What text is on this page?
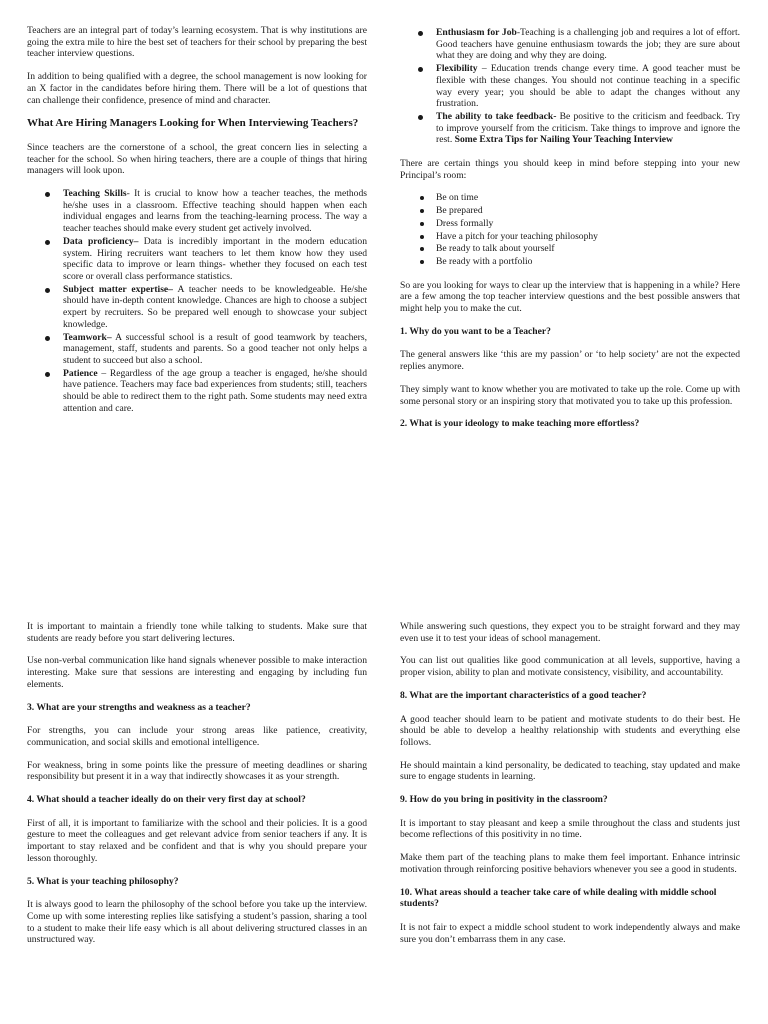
Teachers are an integral part of today’s learning ecosystem. That is why institutions are going the extra mile to hire the best set of teachers for their school by preparing the best teacher interview questions.

In addition to being qualified with a degree, the school management is now looking for an X factor in the candidates before hiring them. There will be a lot of questions that can challenge their confidence, presence of mind and character.

What Are Hiring Managers Looking for When Interviewing Teachers?

Since teachers are the cornerstone of a school, the great concern lies in selecting a teacher for the school. So when hiring teachers, there are a couple of things that hiring managers will look upon.

Teaching Skills- It is crucial to know how a teacher teaches, the methods he/she uses in a classroom. Effective teaching should happen when each individual engages and learns from the teaching-learning process. The way a teacher teaches should make every student get actively involved.
Data proficiency– Data is incredibly important in the modern education system. Hiring recruiters want teachers to let them know how they used specific data to improve or learn things- whether they focused on each test score or overall class performance statistics.
Subject matter expertise– A teacher needs to be knowledgeable. He/she should have in-depth content knowledge. Chances are high to choose a subject expert by recruiters. So be prepared well enough to showcase your subject knowledge.
Teamwork– A successful school is a result of good teamwork by teachers, management, staff, students and parents. So a good teacher not only helps a student to succeed but also a school.
Patience – Regardless of the age group a teacher is engaged, he/she should have patience. Teachers may face bad experiences from students; still, teachers should be able to redirect them to the right path. Some students may need extra attention and care.
Enthusiasm for Job-Teaching is a challenging job and requires a lot of effort. Good teachers have genuine enthusiasm towards the job; they are sure about what they are doing and why they are doing.
Flexibility – Education trends change every time. A good teacher must be flexible with these changes. You should not continue teaching in a specific way every year; you should be able to adapt the changes without any frustration.
The ability to take feedback- Be positive to the criticism and feedback. Try to improve yourself from the criticism. Take things to improve and ignore the rest. Some Extra Tips for Nailing Your Teaching Interview

There are certain things you should keep in mind before stepping into your new Principal’s room:

Be on time
Be prepared
Dress formally
Have a pitch for your teaching philosophy
Be ready to talk about yourself
Be ready with a portfolio

So are you looking for ways to clear up the interview that is happening in a while? Here are a few among the top teacher interview questions and the best possible answers that might help you to make the cut.

1. Why do you want to be a Teacher?

The general answers like ‘this are my passion’ or ‘to help society’ are not the expected replies anymore.

They simply want to know whether you are motivated to take up the role. Come up with some personal story or an inspiring story that motivated you to take up this profession.

2. What is your ideology to make teaching more effortless?

It is important to maintain a friendly tone while talking to students. Make sure that students are ready before you start delivering lectures.

Use non-verbal communication like hand signals whenever possible to make interaction interesting. Make sure that sessions are interesting and engaging by including fun elements.

3. What are your strengths and weakness as a teacher?

For strengths, you can include your strong areas like patience, creativity, communication, and social skills and emotional intelligence.

For weakness, bring in some points like the pressure of meeting deadlines or sharing responsibility but present it in a way that indirectly showcases it as your strength.

4. What should a teacher ideally do on their very first day at school?

First of all, it is important to familiarize with the school and their policies. It is a good gesture to meet the colleagues and get relevant advice from senior teachers if any. It is important to stay relaxed and be confident and that is why you should prepare your lesson thoroughly.

5. What is your teaching philosophy?

It is always good to learn the philosophy of the school before you take up the interview. Come up with some interesting replies like satisfying a student’s passion, sharing a tool to a student to make their life easy which is all about delivering structured classes in an unstructured way.

While answering such questions, they expect you to be straight forward and they may even use it to test your ideas of school management.

You can list out qualities like good communication at all levels, supportive, having a proper vision, ability to plan and motivate consistency, visibility, and accountability.

8. What are the important characteristics of a good teacher?

A good teacher should learn to be patient and motivate students to do their best. He should be able to develop a healthy relationship with students and everything else follows.

He should maintain a kind personality, be dedicated to teaching, stay updated and make sure to engage students in learning.

9. How do you bring in positivity in the classroom?

It is important to stay pleasant and keep a smile throughout the class and students just become reflections of this positivity in no time.

Make them part of the teaching plans to make them feel important. Enhance intrinsic motivation through reinforcing positive behaviors whenever you see a good in students.

10. What areas should a teacher take care of while dealing with middle school students?

It is not fair to expect a middle school student to work independently always and make sure you don’t embarrass them in any case.
